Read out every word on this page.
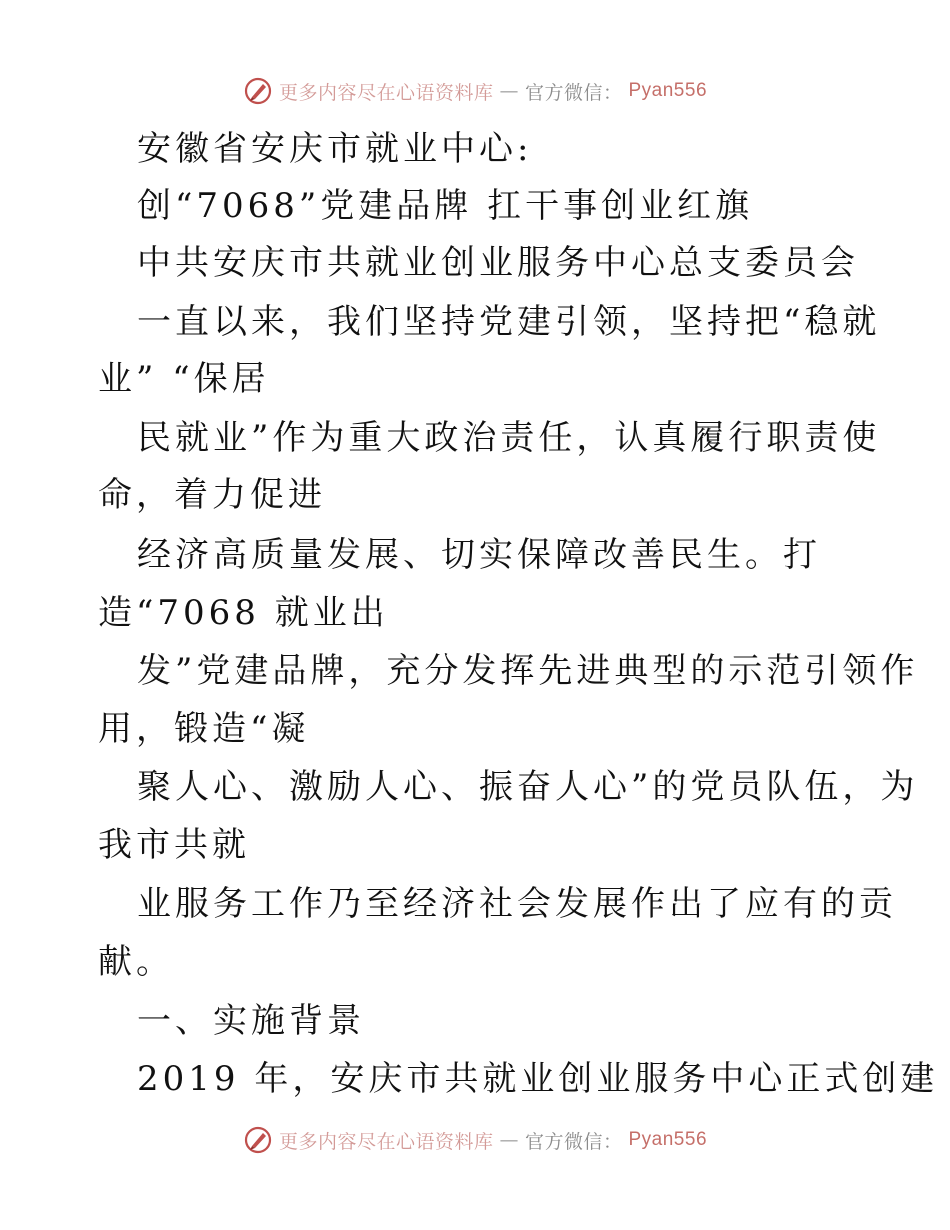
更多内容尽在心语资料库 — 官方微信： Pyan556
安徽省安庆市就业中心:
创“7068”党建品牌 扛干事创业红旗
中共安庆市共就业创业服务中心总支委员会
一直以来，我们坚持党建引领，坚持把“稳就
业” “保居
民就业”作为重大政治责任，认真履行职责使
命，着力促进
经济高质量发展、切实保障改善民生。打
造“7068 就业出
发”党建品牌，充分发挥先进典型的示范引领作
用，锻造“凝
聚人心、激励人心、振奋人心”的党员队伍，为
我市共就
业服务工作乃至经济社会发展作出了应有的贡
献。
一、实施背景
2019 年，安庆市共就业创业服务中心正式创建
更多内容尽在心语资料库 — 官方微信： Pyan556
